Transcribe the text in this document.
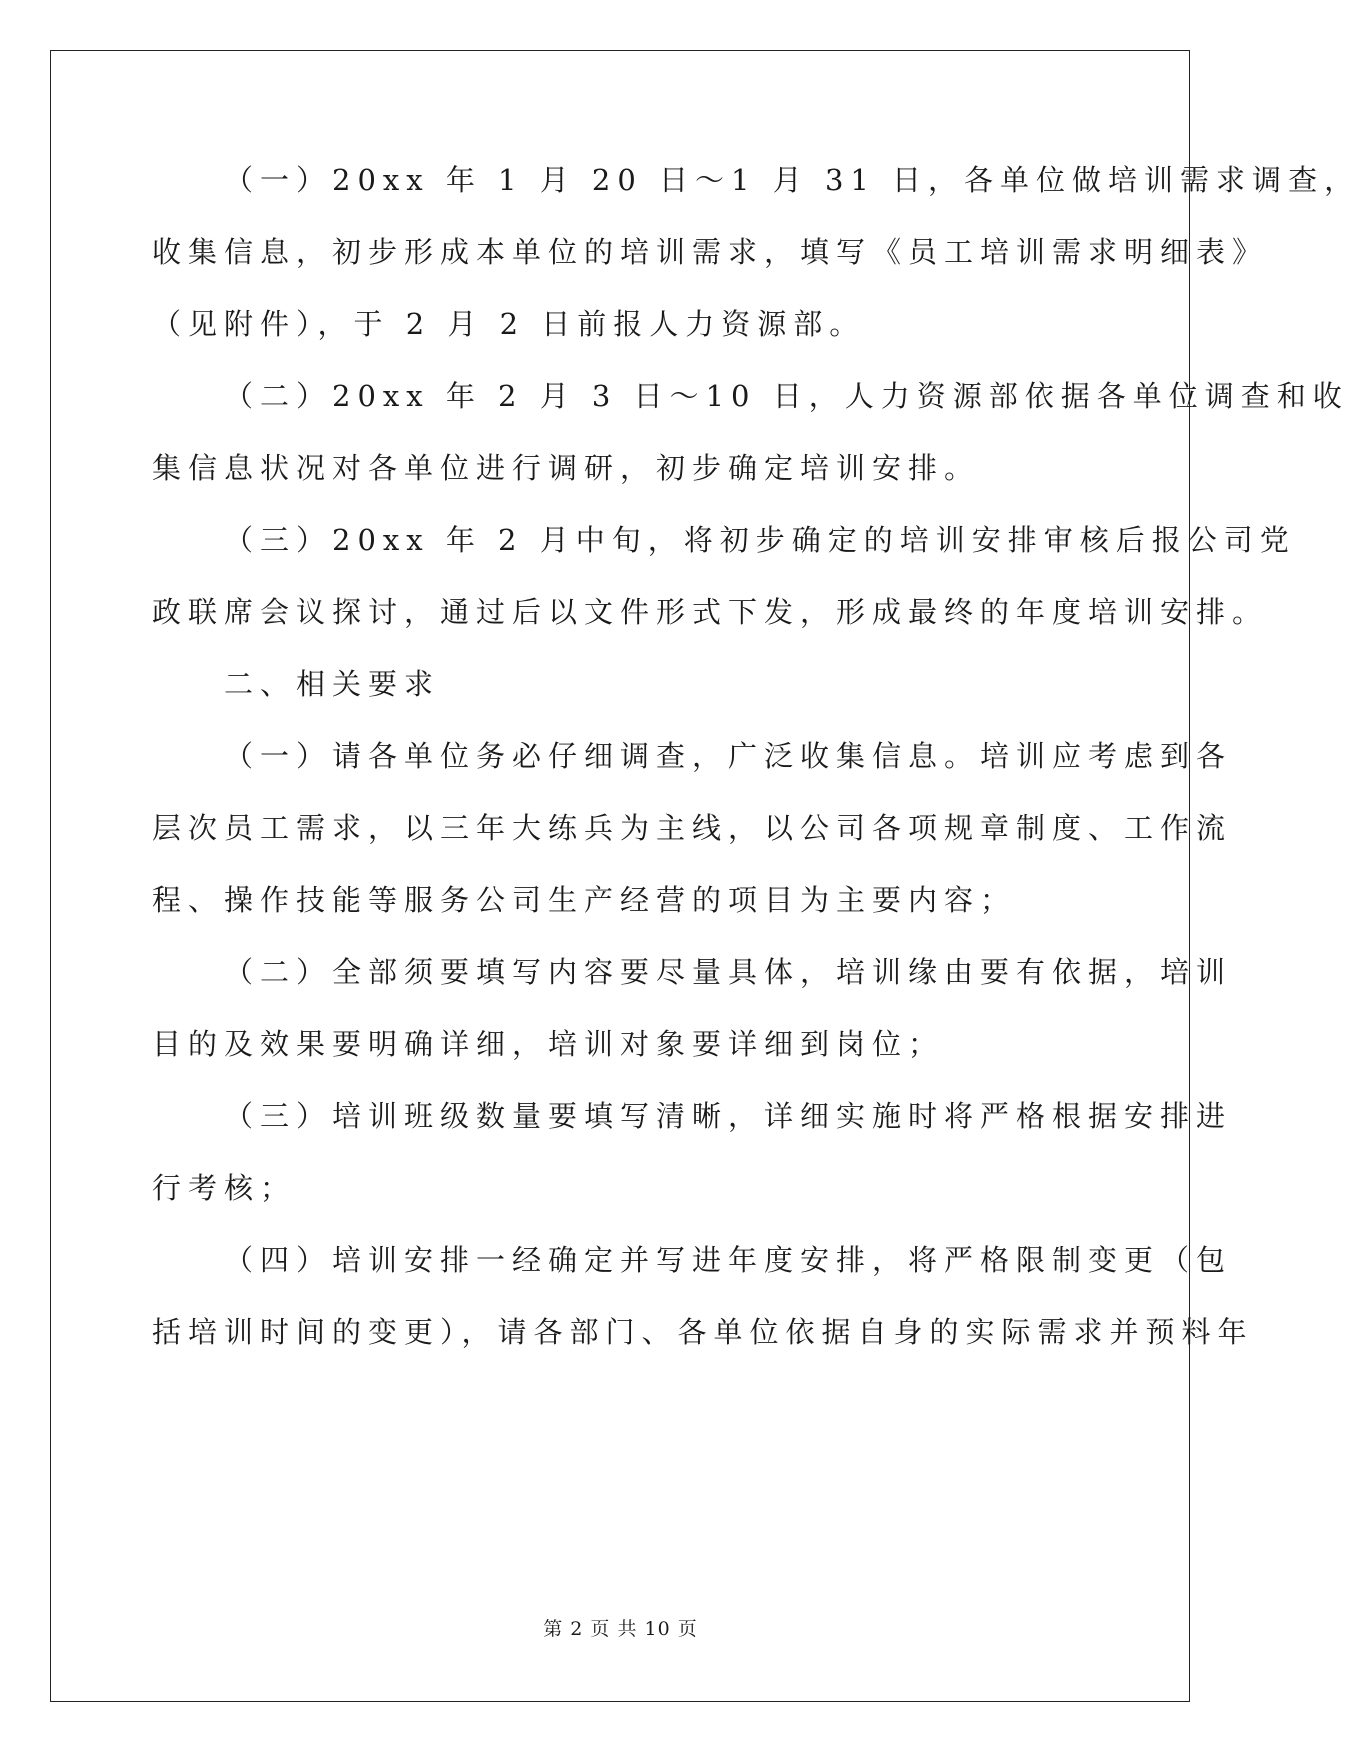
（一）20xx 年 1 月 20 日～1 月 31 日，各单位做培训需求调查，
收集信息，初步形成本单位的培训需求，填写《员工培训需求明细表》
（见附件），于 2 月 2 日前报人力资源部。
（二）20xx 年 2 月 3 日～10 日，人力资源部依据各单位调查和收
集信息状况对各单位进行调研，初步确定培训安排。
（三）20xx 年 2 月中旬，将初步确定的培训安排审核后报公司党
政联席会议探讨，通过后以文件形式下发，形成最终的年度培训安排。
二、相关要求
（一）请各单位务必仔细调查，广泛收集信息。培训应考虑到各
层次员工需求，以三年大练兵为主线，以公司各项规章制度、工作流
程、操作技能等服务公司生产经营的项目为主要内容；
（二）全部须要填写内容要尽量具体，培训缘由要有依据，培训
目的及效果要明确详细，培训对象要详细到岗位；
（三）培训班级数量要填写清晰，详细实施时将严格根据安排进
行考核；
（四）培训安排一经确定并写进年度安排，将严格限制变更（包
括培训时间的变更），请各部门、各单位依据自身的实际需求并预料年
第 2 页 共 10 页
